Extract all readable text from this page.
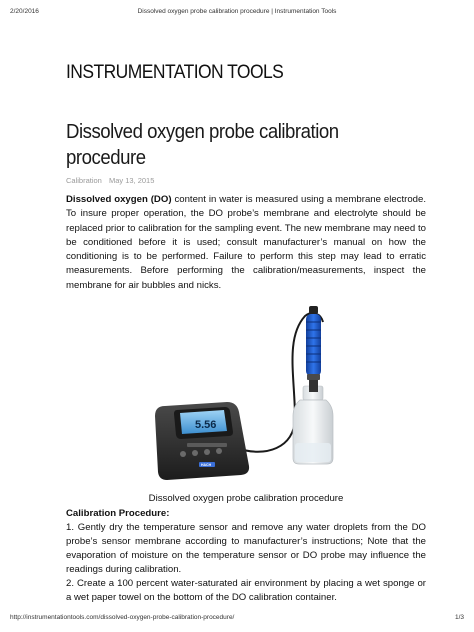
2/20/2016	Dissolved oxygen probe calibration procedure | Instrumentation Tools
INSTRUMENTATION TOOLS
Dissolved oxygen probe calibration procedure
Calibration May 13, 2015
Dissolved oxygen (DO) content in water is measured using a membrane electrode. To insure proper operation, the DO probe’s membrane and electrolyte should be replaced prior to calibration for the sampling event. The new membrane may need to be conditioned before it is used; consult manufacturer’s manual on how the conditioning is to be performed. Failure to perform this step may lead to erratic measurements. Before performing the calibration/measurements, inspect the membrane for air bubbles and nicks.
5.56
HACH
Dissolved oxygen probe calibration procedure
Calibration Procedure:

1. Gently dry the temperature sensor and remove any water droplets from the DO probe’s sensor membrane according to manufacturer’s instructions; Note that the evaporation of moisture on the temperature sensor or DO probe may influence the readings during calibration.

2. Create a 100 percent water-saturated air environment by placing a wet sponge or a wet paper towel on the bottom of the DO calibration container.

http://instrumentationtools.com/dissolved-oxygen-probe-calibration-procedure/	1/3
